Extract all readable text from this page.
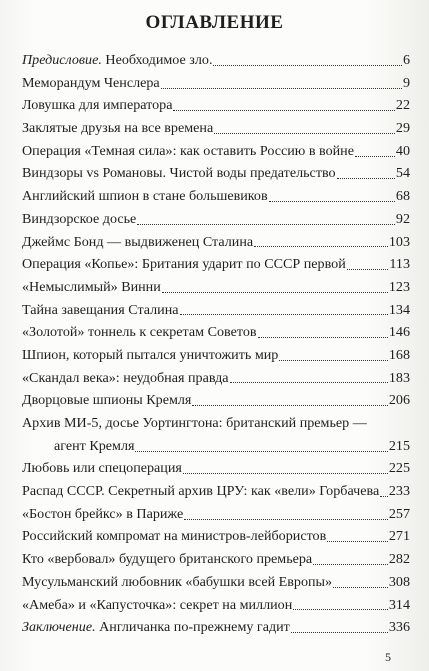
ОГЛАВЛЕНИЕ
Предисловие. Необходимое зло.	6
Меморандум Ченслера	9
Ловушка для императора	22
Заклятые друзья на все времена	29
Операция «Темная сила»: как оставить Россию в войне	40
Виндзоры vs Романовы. Чистой воды предательство	54
Английский шпион в стане большевиков	68
Виндзорское досье	92
Джеймс Бонд — выдвиженец Сталина	103
Операция «Копье»: Британия ударит по СССР первой	113
«Немыслимый» Винни	123
Тайна завещания Сталина	134
«Золотой» тоннель к секретам Советов	146
Шпион, который пытался уничтожить мир	168
«Скандал века»: неудобная правда	183
Дворцовые шпионы Кремля	206
Архив МИ-5, досье Уортингтона: британский премьер —
агент Кремля	215
Любовь или спецоперация	225
Распад СССР. Секретный архив ЦРУ: как «вели» Горбачева 233
«Бостон брейкс» в Париже	257
Российский компромат на министров-лейбористов	271
Кто «вербовал» будущего британского премьера	282
Мусульманский любовник «бабушки всей Европы»	308
«Амеба» и «Капусточка»: секрет на миллион	314
Заключение. Англичанка по-прежнему гадит	336
5
